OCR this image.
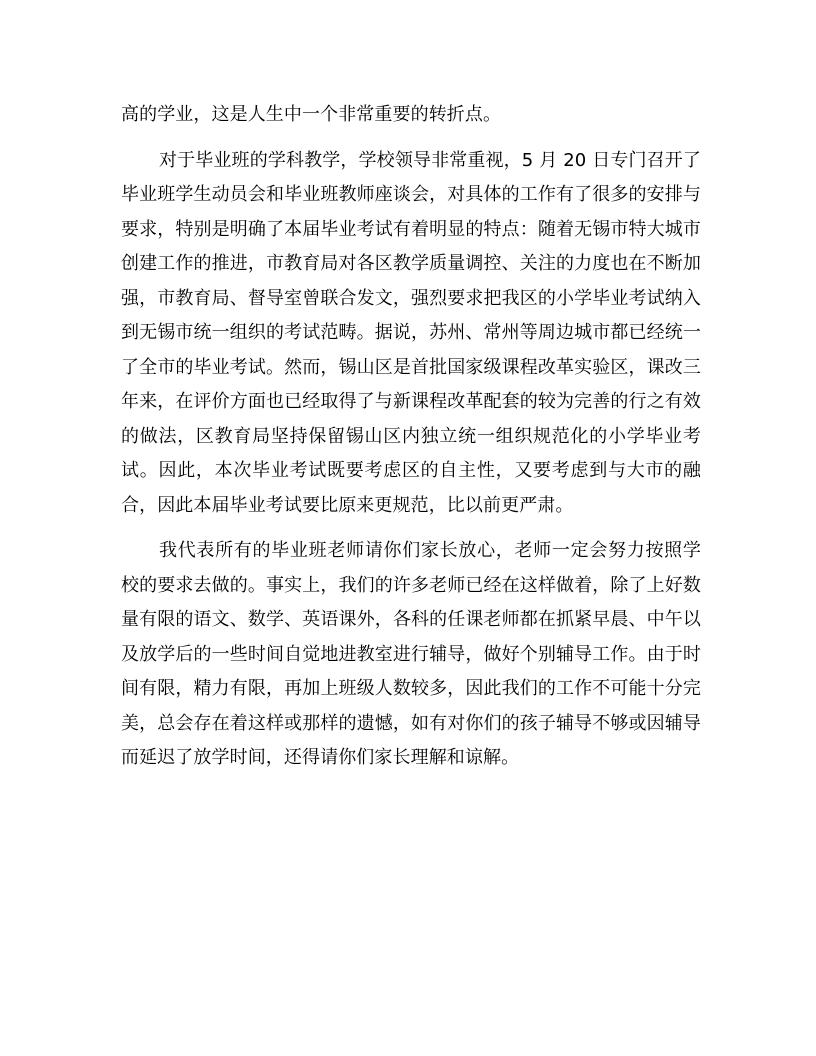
高的学业，这是人生中一个非常重要的转折点。

对于毕业班的学科教学，学校领导非常重视，5 月 20 日专门召开了毕业班学生动员会和毕业班教师座谈会，对具体的工作有了很多的安排与要求，特别是明确了本届毕业考试有着明显的特点：随着无锡市特大城市创建工作的推进，市教育局对各区教学质量调控、关注的力度也在不断加强，市教育局、督导室曾联合发文，强烈要求把我区的小学毕业考试纳入到无锡市统一组织的考试范畴。据说，苏州、常州等周边城市都已经统一了全市的毕业考试。然而，锡山区是首批国家级课程改革实验区，课改三年来，在评价方面也已经取得了与新课程改革配套的较为完善的行之有效的做法，区教育局坚持保留锡山区内独立统一组织规范化的小学毕业考试。因此，本次毕业考试既要考虑区的自主性，又要考虑到与大市的融合，因此本届毕业考试要比原来更规范，比以前更严肃。

我代表所有的毕业班老师请你们家长放心，老师一定会努力按照学校的要求去做的。事实上，我们的许多老师已经在这样做着，除了上好数量有限的语文、数学、英语课外，各科的任课老师都在抓紧早晨、中午以及放学后的一些时间自觉地进教室进行辅导，做好个别辅导工作。由于时间有限，精力有限，再加上班级人数较多，因此我们的工作不可能十分完美，总会存在着这样或那样的遗憾，如有对你们的孩子辅导不够或因辅导而延迟了放学时间，还得请你们家长理解和谅解。
